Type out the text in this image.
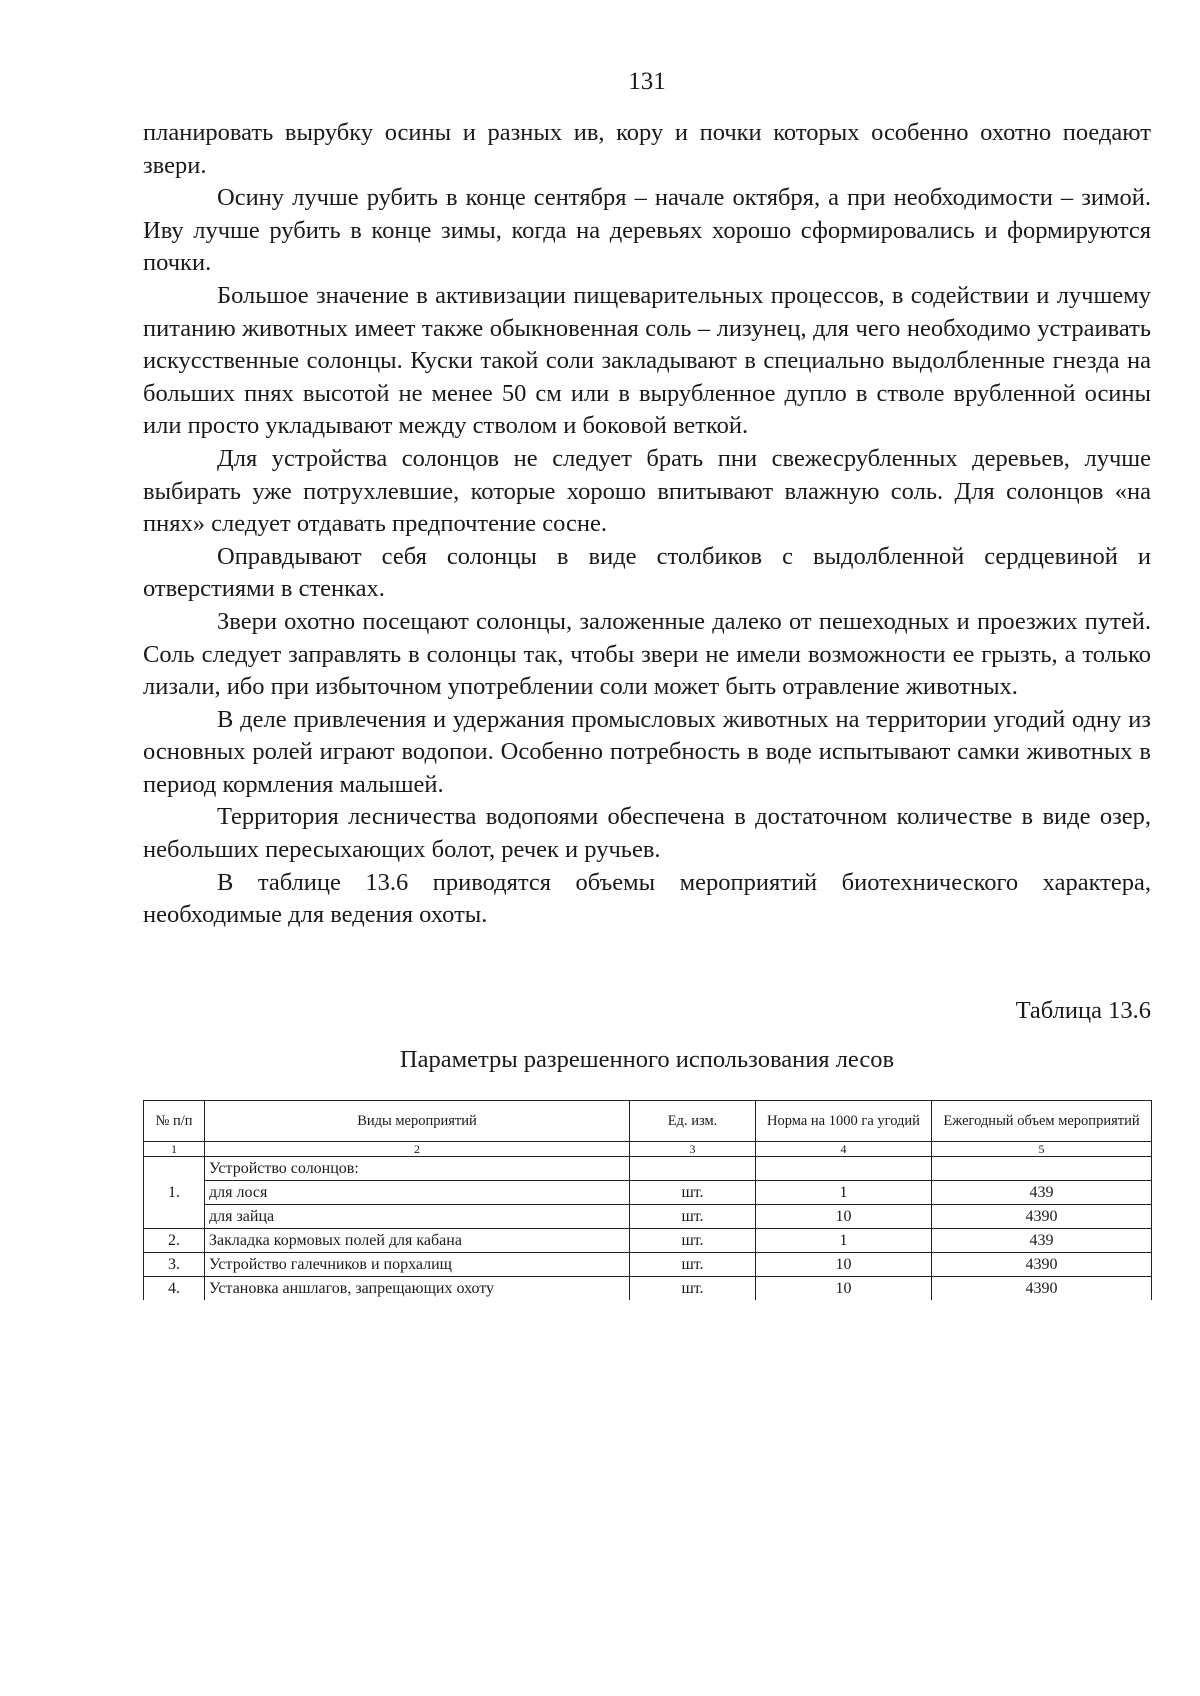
131

планировать вырубку осины и разных ив, кору и почки которых особенно охотно поедают звери.

Осину лучше рубить в конце сентября – начале октября, а при необходимости – зимой. Иву лучше рубить в конце зимы, когда на деревьях хорошо сформировались и формируются почки.

Большое значение в активизации пищеварительных процессов, в содействии и лучшему питанию животных имеет также обыкновенная соль – лизунец, для чего необходимо устраивать искусственные солонцы. Куски такой соли закладывают в специально выдолбленные гнезда на больших пнях высотой не менее 50 см или в вырубленное дупло в стволе врубленной осины или просто укладывают между стволом и боковой веткой.

Для устройства солонцов не следует брать пни свежесрубленных деревьев, лучше выбирать уже потрухлевшие, которые хорошо впитывают влажную соль. Для солонцов «на пнях» следует отдавать предпочтение сосне.

Оправдывают себя солонцы в виде столбиков с выдолбленной сердцевиной и отверстиями в стенках.

Звери охотно посещают солонцы, заложенные далеко от пешеходных и проезжих путей. Соль следует заправлять в солонцы так, чтобы звери не имели возможности ее грызть, а только лизали, ибо при избыточном употреблении соли может быть отравление животных.

В деле привлечения и удержания промысловых животных на территории угодий одну из основных ролей играют водопои. Особенно потребность в воде испытывают самки животных в период кормления малышей.

Территория лесничества водопоями обеспечена в достаточном количестве в виде озер, небольших пересыхающих болот, речек и ручьев.

В таблице 13.6 приводятся объемы мероприятий биотехнического характера, необходимые для ведения охоты.

Таблица 13.6
Параметры разрешенного использования лесов
№ п/п	Виды мероприятий	Ед. изм.	Норма на 1000 га угодий	Ежегодный объем мероприятий
1	2	3	4	5
1.	Устройство солонцов:			
	для лося	шт.	1	439
	для зайца	шт.	10	4390
2.	Закладка кормовых полей для кабана	шт.	1	439
3.	Устройство галечников и порхалищ	шт.	10	4390
4.	Установка аншлагов, запрещающих охоту	шт.	10	4390
